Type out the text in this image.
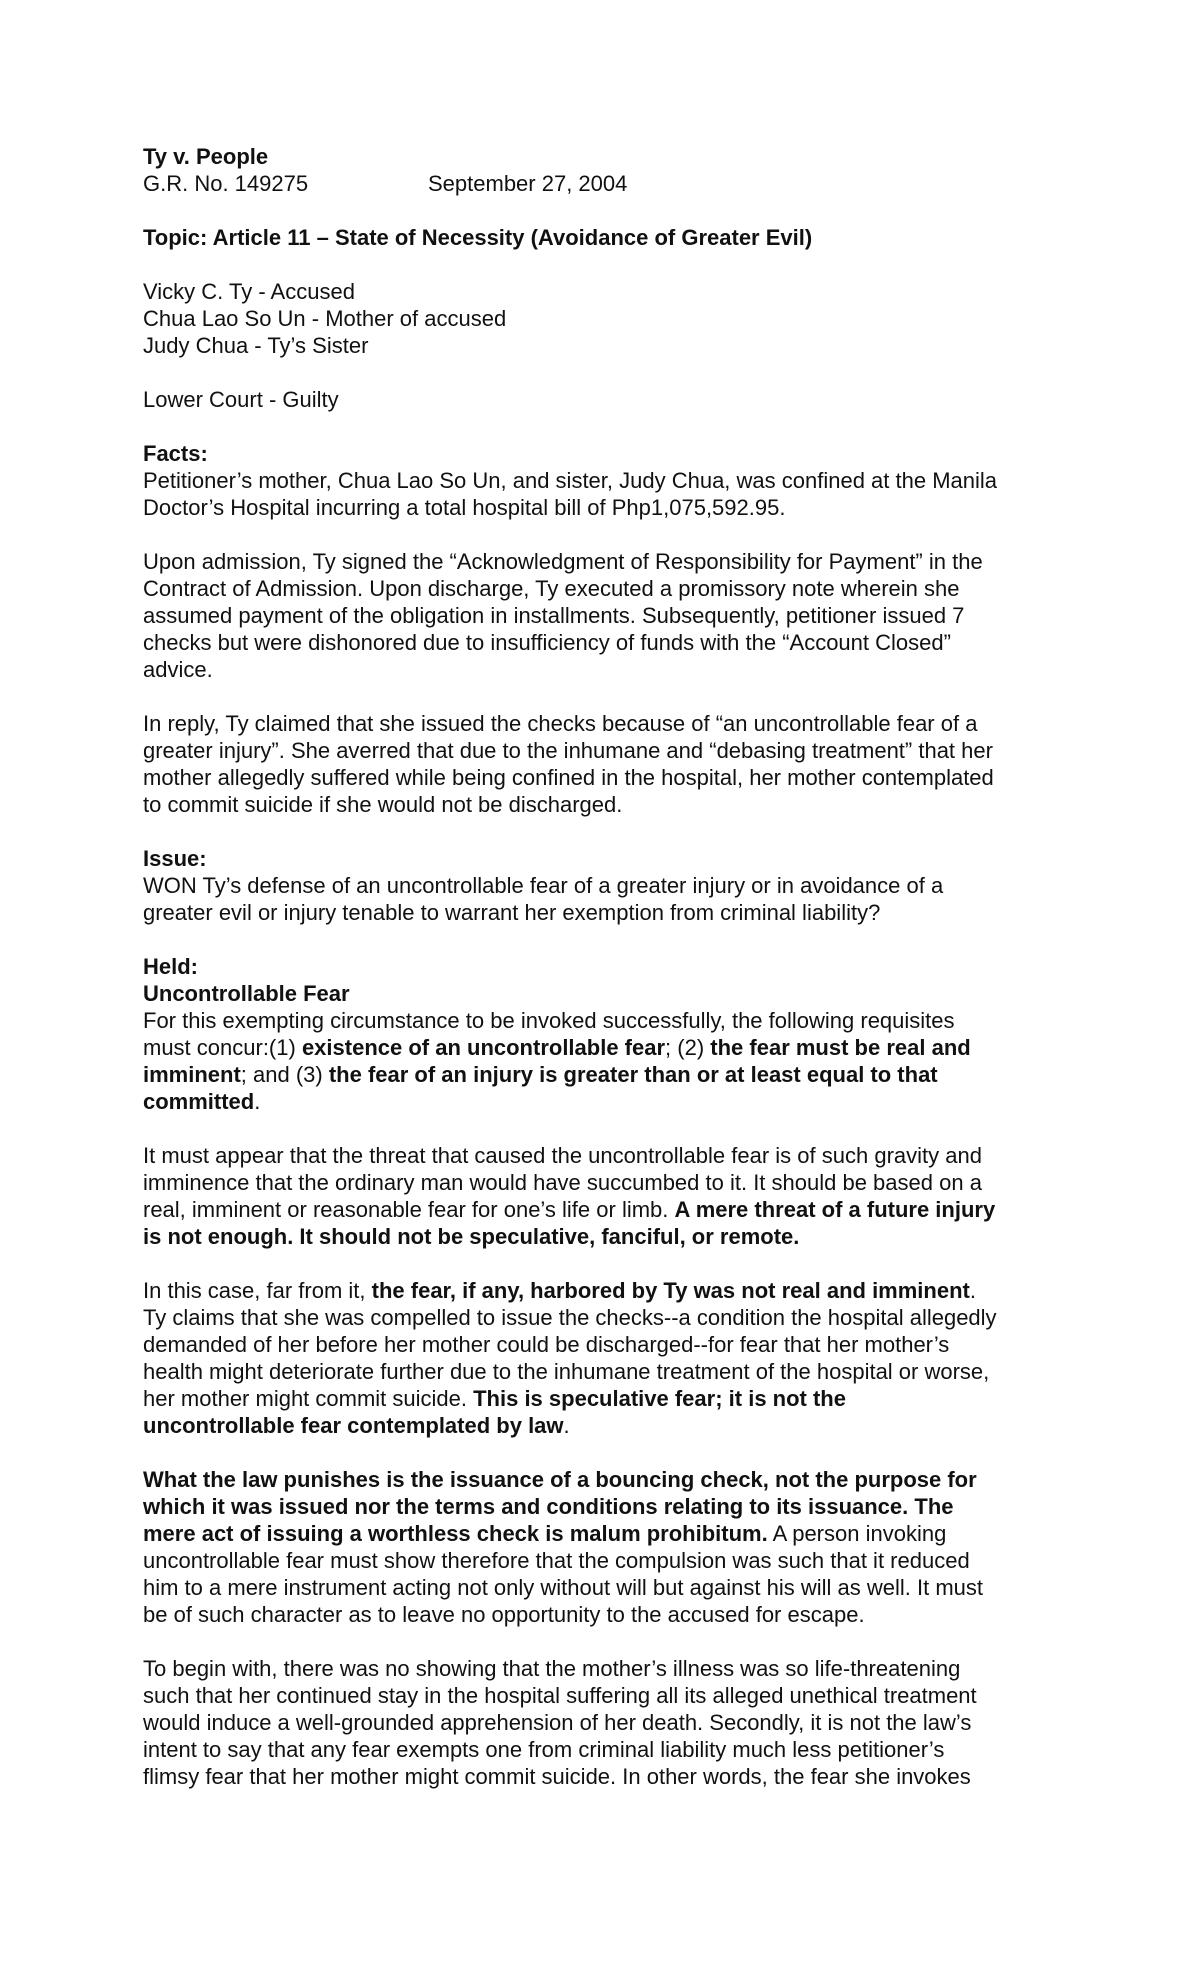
Ty v. People
G.R. No. 149275	September 27, 2004
Topic: Article 11 – State of Necessity (Avoidance of Greater Evil)
Vicky C. Ty - Accused
Chua Lao So Un - Mother of accused
Judy Chua - Ty’s Sister
Lower Court - Guilty
Facts:
Petitioner’s mother, Chua Lao So Un, and sister, Judy Chua, was confined at the Manila
Doctor’s Hospital incurring a total hospital bill of Php1,075,592.95.
Upon admission, Ty signed the “Acknowledgment of Responsibility for Payment” in the
Contract of Admission. Upon discharge, Ty executed a promissory note wherein she
assumed payment of the obligation in installments. Subsequently, petitioner issued 7
checks but were dishonored due to insufficiency of funds with the “Account Closed”
advice.
In reply, Ty claimed that she issued the checks because of “an uncontrollable fear of a
greater injury”. She averred that due to the inhumane and “debasing treatment” that her
mother allegedly suffered while being confined in the hospital, her mother contemplated
to commit suicide if she would not be discharged.
Issue:
WON Ty’s defense of an uncontrollable fear of a greater injury or in avoidance of a
greater evil or injury tenable to warrant her exemption from criminal liability?
Held:
Uncontrollable Fear
For this exempting circumstance to be invoked successfully, the following requisites
must concur:(1) existence of an uncontrollable fear; (2) the fear must be real and
imminent; and (3) the fear of an injury is greater than or at least equal to that
committed.
It must appear that the threat that caused the uncontrollable fear is of such gravity and
imminence that the ordinary man would have succumbed to it. It should be based on a
real, imminent or reasonable fear for one’s life or limb. A mere threat of a future injury
is not enough. It should not be speculative, fanciful, or remote.
In this case, far from it, the fear, if any, harbored by Ty was not real and imminent.
Ty claims that she was compelled to issue the checks--a condition the hospital allegedly
demanded of her before her mother could be discharged--for fear that her mother’s
health might deteriorate further due to the inhumane treatment of the hospital or worse,
her mother might commit suicide. This is speculative fear; it is not the
uncontrollable fear contemplated by law.
What the law punishes is the issuance of a bouncing check, not the purpose for
which it was issued nor the terms and conditions relating to its issuance. The
mere act of issuing a worthless check is malum prohibitum. A person invoking
uncontrollable fear must show therefore that the compulsion was such that it reduced
him to a mere instrument acting not only without will but against his will as well. It must
be of such character as to leave no opportunity to the accused for escape.
To begin with, there was no showing that the mother’s illness was so life-threatening
such that her continued stay in the hospital suffering all its alleged unethical treatment
would induce a well-grounded apprehension of her death. Secondly, it is not the law’s
intent to say that any fear exempts one from criminal liability much less petitioner’s
flimsy fear that her mother might commit suicide. In other words, the fear she invokes
